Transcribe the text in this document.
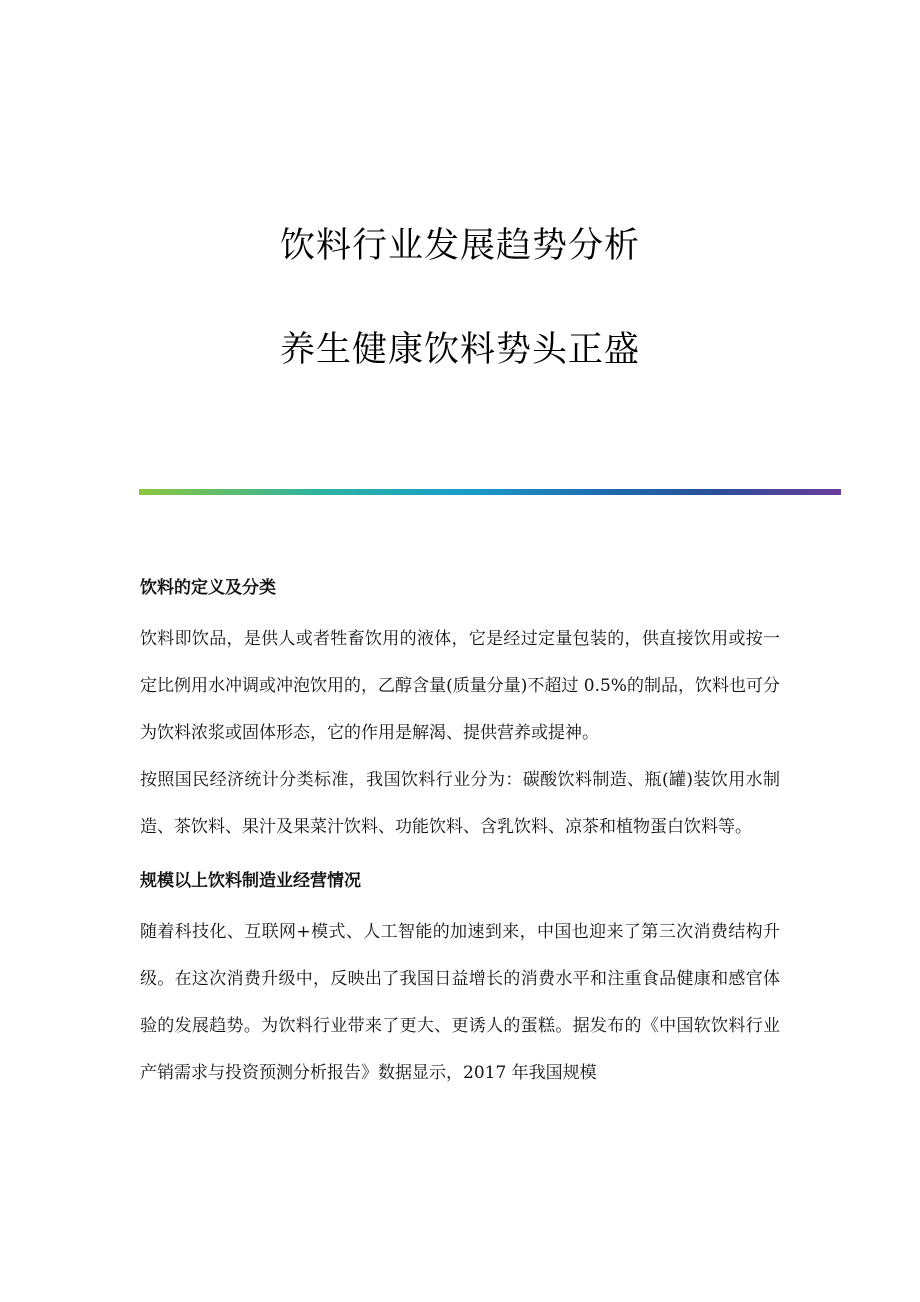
饮料行业发展趋势分析
养生健康饮料势头正盛
饮料的定义及分类

饮料即饮品，是供人或者牲畜饮用的液体，它是经过定量包装的，供直接饮用或按一定比例用水冲调或冲泡饮用的，乙醇含量(质量分量)不超过 0.5%的制品，饮料也可分为饮料浓浆或固体形态，它的作用是解渴、提供营养或提神。

按照国民经济统计分类标准，我国饮料行业分为：碳酸饮料制造、瓶(罐)装饮用水制造、茶饮料、果汁及果菜汁饮料、功能饮料、含乳饮料、凉茶和植物蛋白饮料等。

规模以上饮料制造业经营情况

随着科技化、互联网+模式、人工智能的加速到来，中国也迎来了第三次消费结构升级。在这次消费升级中，反映出了我国日益增长的消费水平和注重食品健康和感官体验的发展趋势。为饮料行业带来了更大、更诱人的蛋糕。据发布的《中国软饮料行业产销需求与投资预测分析报告》数据显示，2017 年我国规模
